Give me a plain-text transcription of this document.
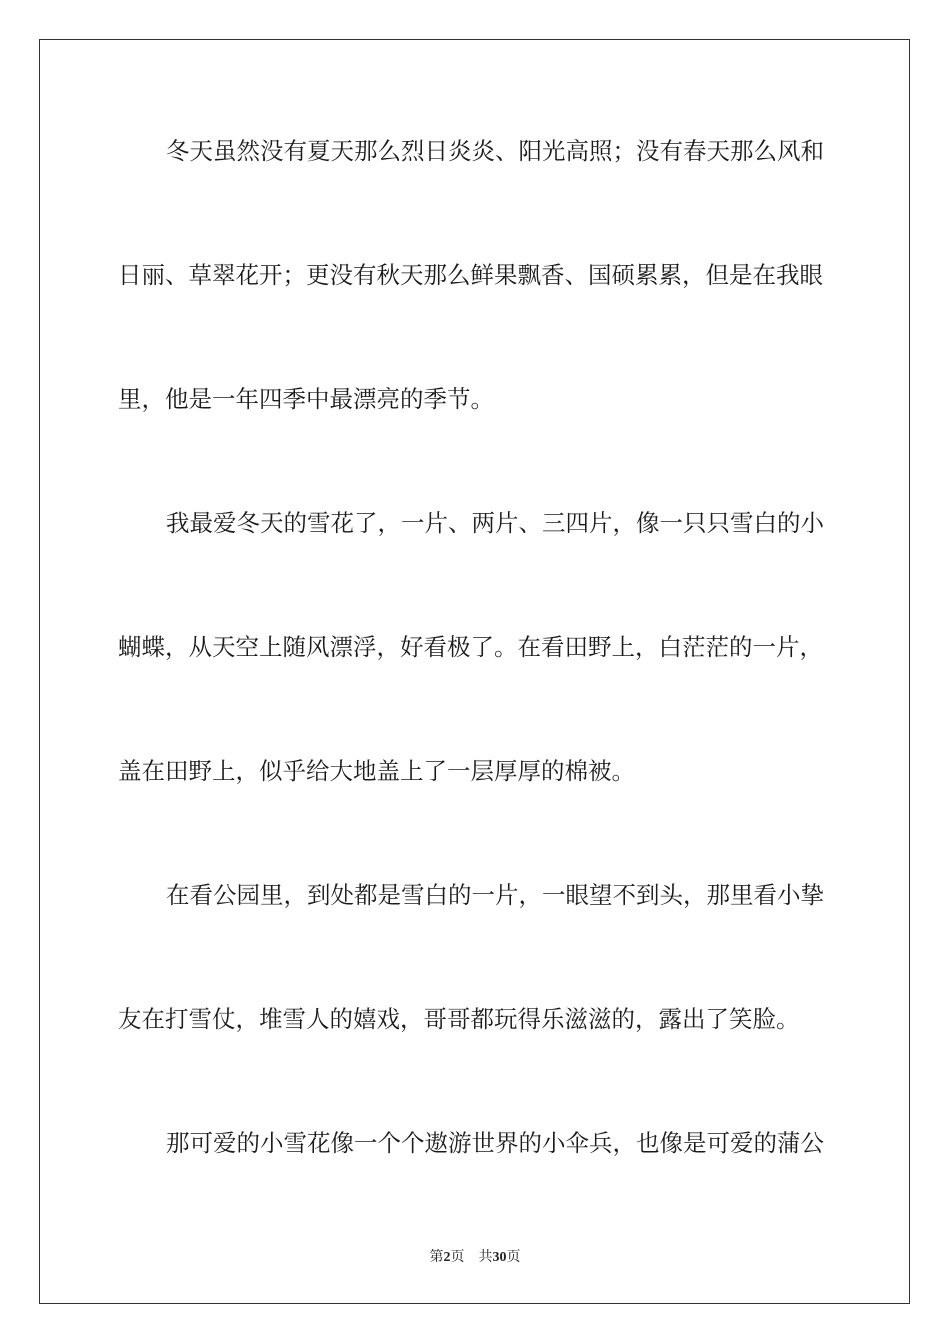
冬天虽然没有夏天那么烈日炎炎、阳光高照；没有春天那么风和
日丽、草翠花开；更没有秋天那么鲜果飘香、国硕累累，但是在我眼
里，他是一年四季中最漂亮的季节。
我最爱冬天的雪花了，一片、两片、三四片，像一只只雪白的小
蝴蝶，从天空上随风漂浮，好看极了。在看田野上，白茫茫的一片，
盖在田野上，似乎给大地盖上了一层厚厚的棉被。
在看公园里，到处都是雪白的一片，一眼望不到头，那里看小挚
友在打雪仗，堆雪人的嬉戏，哥哥都玩得乐滋滋的，露出了笑脸。
那可爱的小雪花像一个个遨游世界的小伞兵，也像是可爱的蒲公
第2页 共30页
